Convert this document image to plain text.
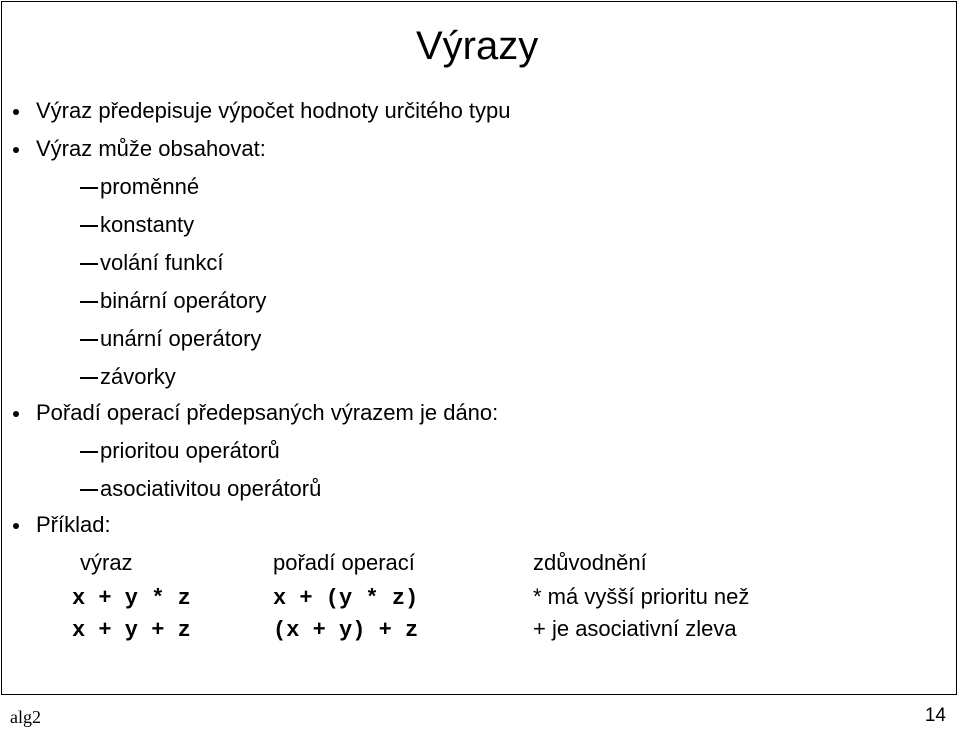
Výrazy
Výraz předepisuje výpočet hodnoty určitého typu
Výraz může obsahovat:
proměnné
konstanty
volání funkcí
binární operátory
unární operátory
závorky
Pořadí operací předepsaných výrazem je dáno:
prioritou operátorů
asociativitou operátorů
Příklad:
výraz	pořadí operací	zdůvodnění
x + y * z	x + (y * z)	* má vyšší prioritu než
x + y + z	(x + y) + z	+ je asociativní zleva
alg2	14
